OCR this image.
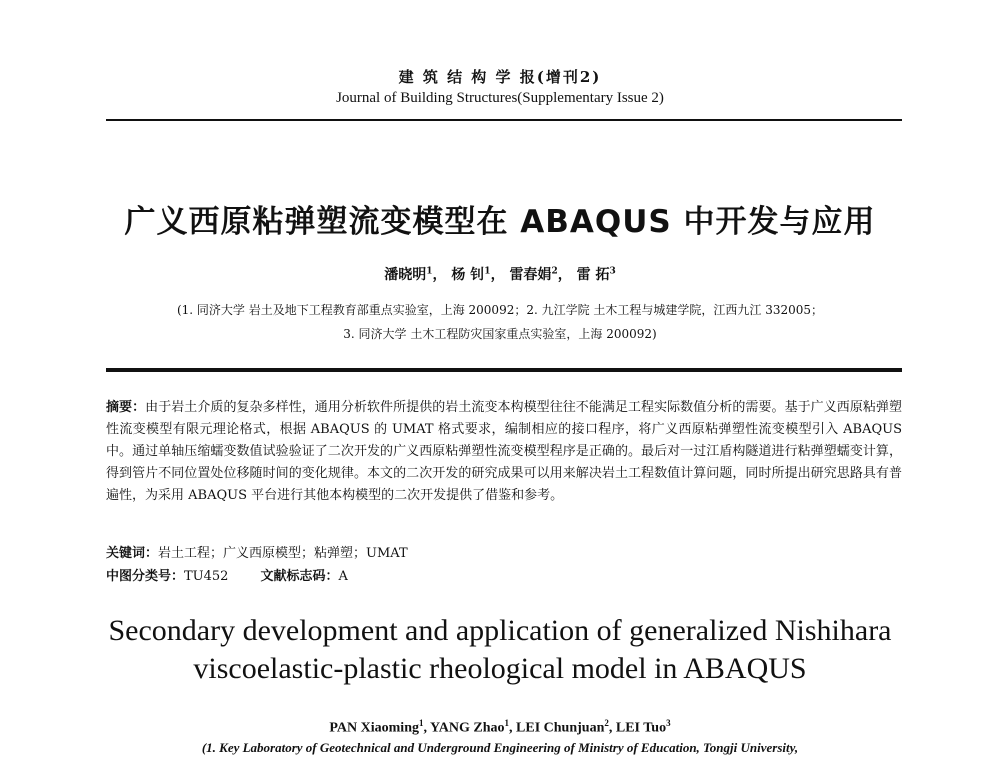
建 筑 结 构 学 报(增刊2)
Journal of Building Structures(Supplementary Issue 2)
广义西原粘弹塑流变模型在 ABAQUS 中开发与应用
潘晓明$^1$， 杨 钊$^1$， 雷春娟$^2$， 雷 拓$^3$
(1. 同济大学 岩土及地下工程教育部重点实验室，上海 200092；2. 九江学院 土木工程与城建学院，江西九江 332005；
3. 同济大学 土木工程防灾国家重点实验室，上海 200092)
摘要：由于岩土介质的复杂多样性，通用分析软件所提供的岩土流变本构模型往往不能满足工程实际数值分析的需要。基于广义西原粘弹塑性流变模型有限元理论格式，根据 ABAQUS 的 UMAT 格式要求，编制相应的接口程序，将广义西原粘弹塑性流变模型引入 ABAQUS 中。通过单轴压缩蠕变数值试验验证了二次开发的广义西原粘弹塑性流变模型程序是正确的。最后对一过江盾构隧道进行粘弹塑蠕变计算，得到管片不同位置处位移随时间的变化规律。本文的二次开发的研究成果可以用来解决岩土工程数值计算问题，同时所提出研究思路具有普遍性，为采用 ABAQUS 平台进行其他本构模型的二次开发提供了借鉴和参考。
关键词：岩土工程；广义西原模型；粘弹塑；UMAT
中图分类号：TU452 文献标志码：A
Secondary development and application of generalized Nishihara
viscoelastic-plastic rheological model in ABAQUS
PAN Xiaoming$^1$, YANG Zhao$^1$, LEI Chunjuan$^2$, LEI Tuo$^3$
(1. Key Laboratory of Geotechnical and Underground Engineering of Ministry of Education, Tongji University,
